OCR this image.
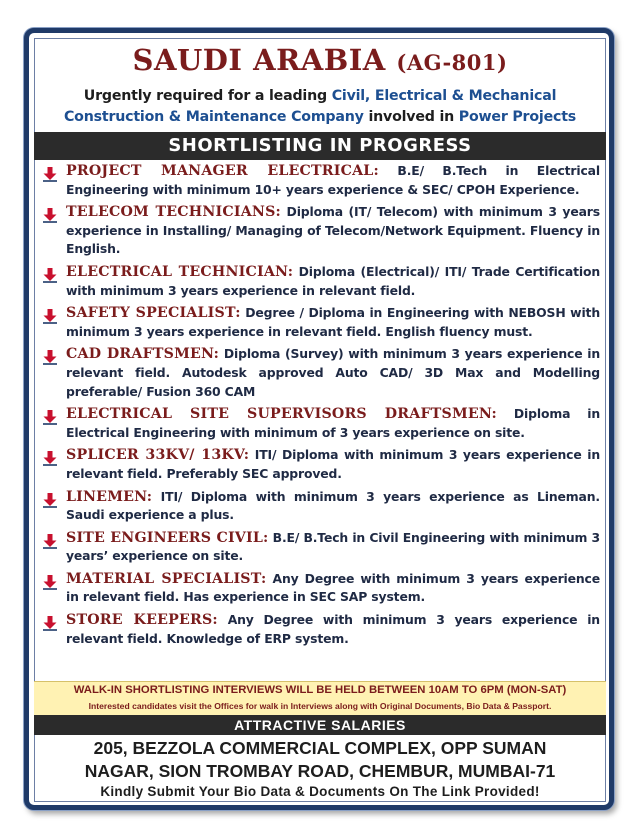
SAUDI ARABIA (AG-801)
Urgently required for a leading Civil, Electrical & Mechanical
Construction & Maintenance Company involved in Power Projects
SHORTLISTING IN PROGRESS
PROJECT MANAGER ELECTRICAL: B.E/ B.Tech in Electrical Engineering with minimum 10+ years experience & SEC/ CPOH Experience.
TELECOM TECHNICIANS: Diploma (IT/ Telecom) with minimum 3 years experience in Installing/ Managing of Telecom/Network Equipment. Fluency in English.
ELECTRICAL TECHNICIAN: Diploma (Electrical)/ ITI/ Trade Certification with minimum 3 years experience in relevant field.
SAFETY SPECIALIST: Degree / Diploma in Engineering with NEBOSH with minimum 3 years experience in relevant field. English fluency must.
CAD DRAFTSMEN: Diploma (Survey) with minimum 3 years experience in relevant field. Autodesk approved Auto CAD/ 3D Max and Modelling preferable/ Fusion 360 CAM
ELECTRICAL SITE SUPERVISORS DRAFTSMEN: Diploma in Electrical Engineering with minimum of 3 years experience on site.
SPLICER 33KV/ 13KV: ITI/ Diploma with minimum 3 years experience in relevant field. Preferably SEC approved.
LINEMEN: ITI/ Diploma with minimum 3 years experience as Lineman. Saudi experience a plus.
SITE ENGINEERS CIVIL: B.E/ B.Tech in Civil Engineering with minimum 3 years’ experience on site.
MATERIAL SPECIALIST: Any Degree with minimum 3 years experience in relevant field. Has experience in SEC SAP system.
STORE KEEPERS: Any Degree with minimum 3 years experience in relevant field. Knowledge of ERP system.
WALK-IN SHORTLISTING INTERVIEWS WILL BE HELD BETWEEN 10AM TO 6PM (MON-SAT)
Interested candidates visit the Offices for walk in Interviews along with Original Documents, Bio Data & Passport.
ATTRACTIVE SALARIES
205, BEZZOLA COMMERCIAL COMPLEX, OPP SUMAN
NAGAR, SION TROMBAY ROAD, CHEMBUR, MUMBAI-71
Kindly Submit Your Bio Data & Documents On The Link Provided!
